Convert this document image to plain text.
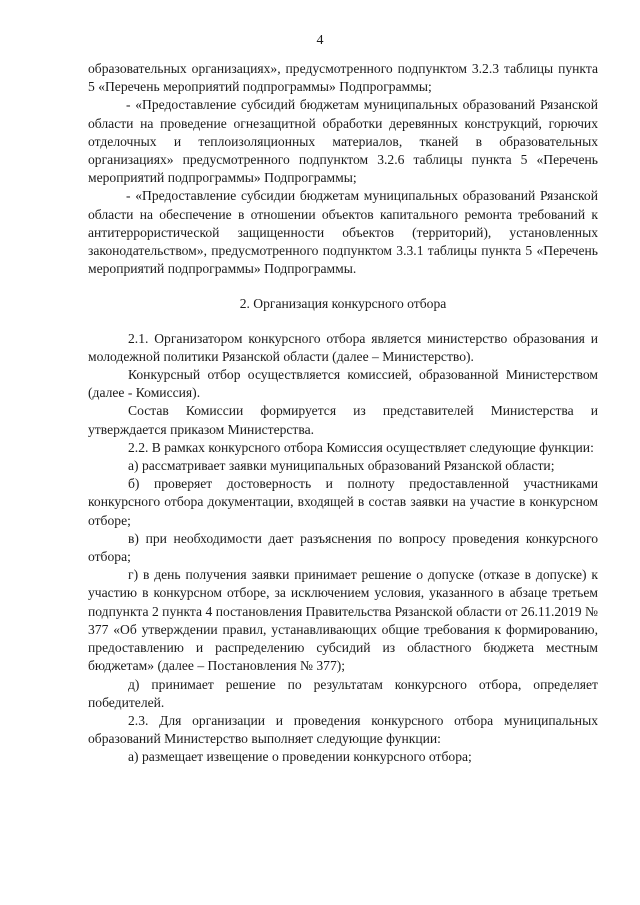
4

образовательных организациях», предусмотренного подпунктом 3.2.3 таблицы пункта 5 «Перечень мероприятий подпрограммы» Подпрограммы;

- «Предоставление субсидий бюджетам муниципальных образований Рязанской области на проведение огнезащитной обработки деревянных конструкций, горючих отделочных и теплоизоляционных материалов, тканей в образовательных организациях» предусмотренного подпунктом 3.2.6 таблицы пункта 5 «Перечень мероприятий подпрограммы» Подпрограммы;

- «Предоставление субсидии бюджетам муниципальных образований Рязанской области на обеспечение в отношении объектов капитального ремонта требований к антитеррористической защищенности объектов (территорий), установленных законодательством», предусмотренного подпунктом 3.3.1 таблицы пункта 5 «Перечень мероприятий подпрограммы» Подпрограммы.

2. Организация конкурсного отбора

2.1. Организатором конкурсного отбора является министерство образования и молодежной политики Рязанской области (далее – Министерство).

Конкурсный отбор осуществляется комиссией, образованной Министерством (далее - Комиссия).

Состав Комиссии формируется из представителей Министерства и утверждается приказом Министерства.

2.2. В рамках конкурсного отбора Комиссия осуществляет следующие функции:

а) рассматривает заявки муниципальных образований Рязанской области;

б) проверяет достоверность и полноту предоставленной участниками конкурсного отбора документации, входящей в состав заявки на участие в конкурсном отборе;

в) при необходимости дает разъяснения по вопросу проведения конкурсного отбора;

г) в день получения заявки принимает решение о допуске (отказе в допуске) к участию в конкурсном отборе, за исключением условия, указанного в абзаце третьем подпункта 2 пункта 4 постановления Правительства Рязанской области от 26.11.2019 № 377 «Об утверждении правил, устанавливающих общие требования к формированию, предоставлению и распределению субсидий из областного бюджета местным бюджетам» (далее – Постановления № 377);

д) принимает решение по результатам конкурсного отбора, определяет победителей.

2.3. Для организации и проведения конкурсного отбора муниципальных образований Министерство выполняет следующие функции:

а) размещает извещение о проведении конкурсного отбора;
